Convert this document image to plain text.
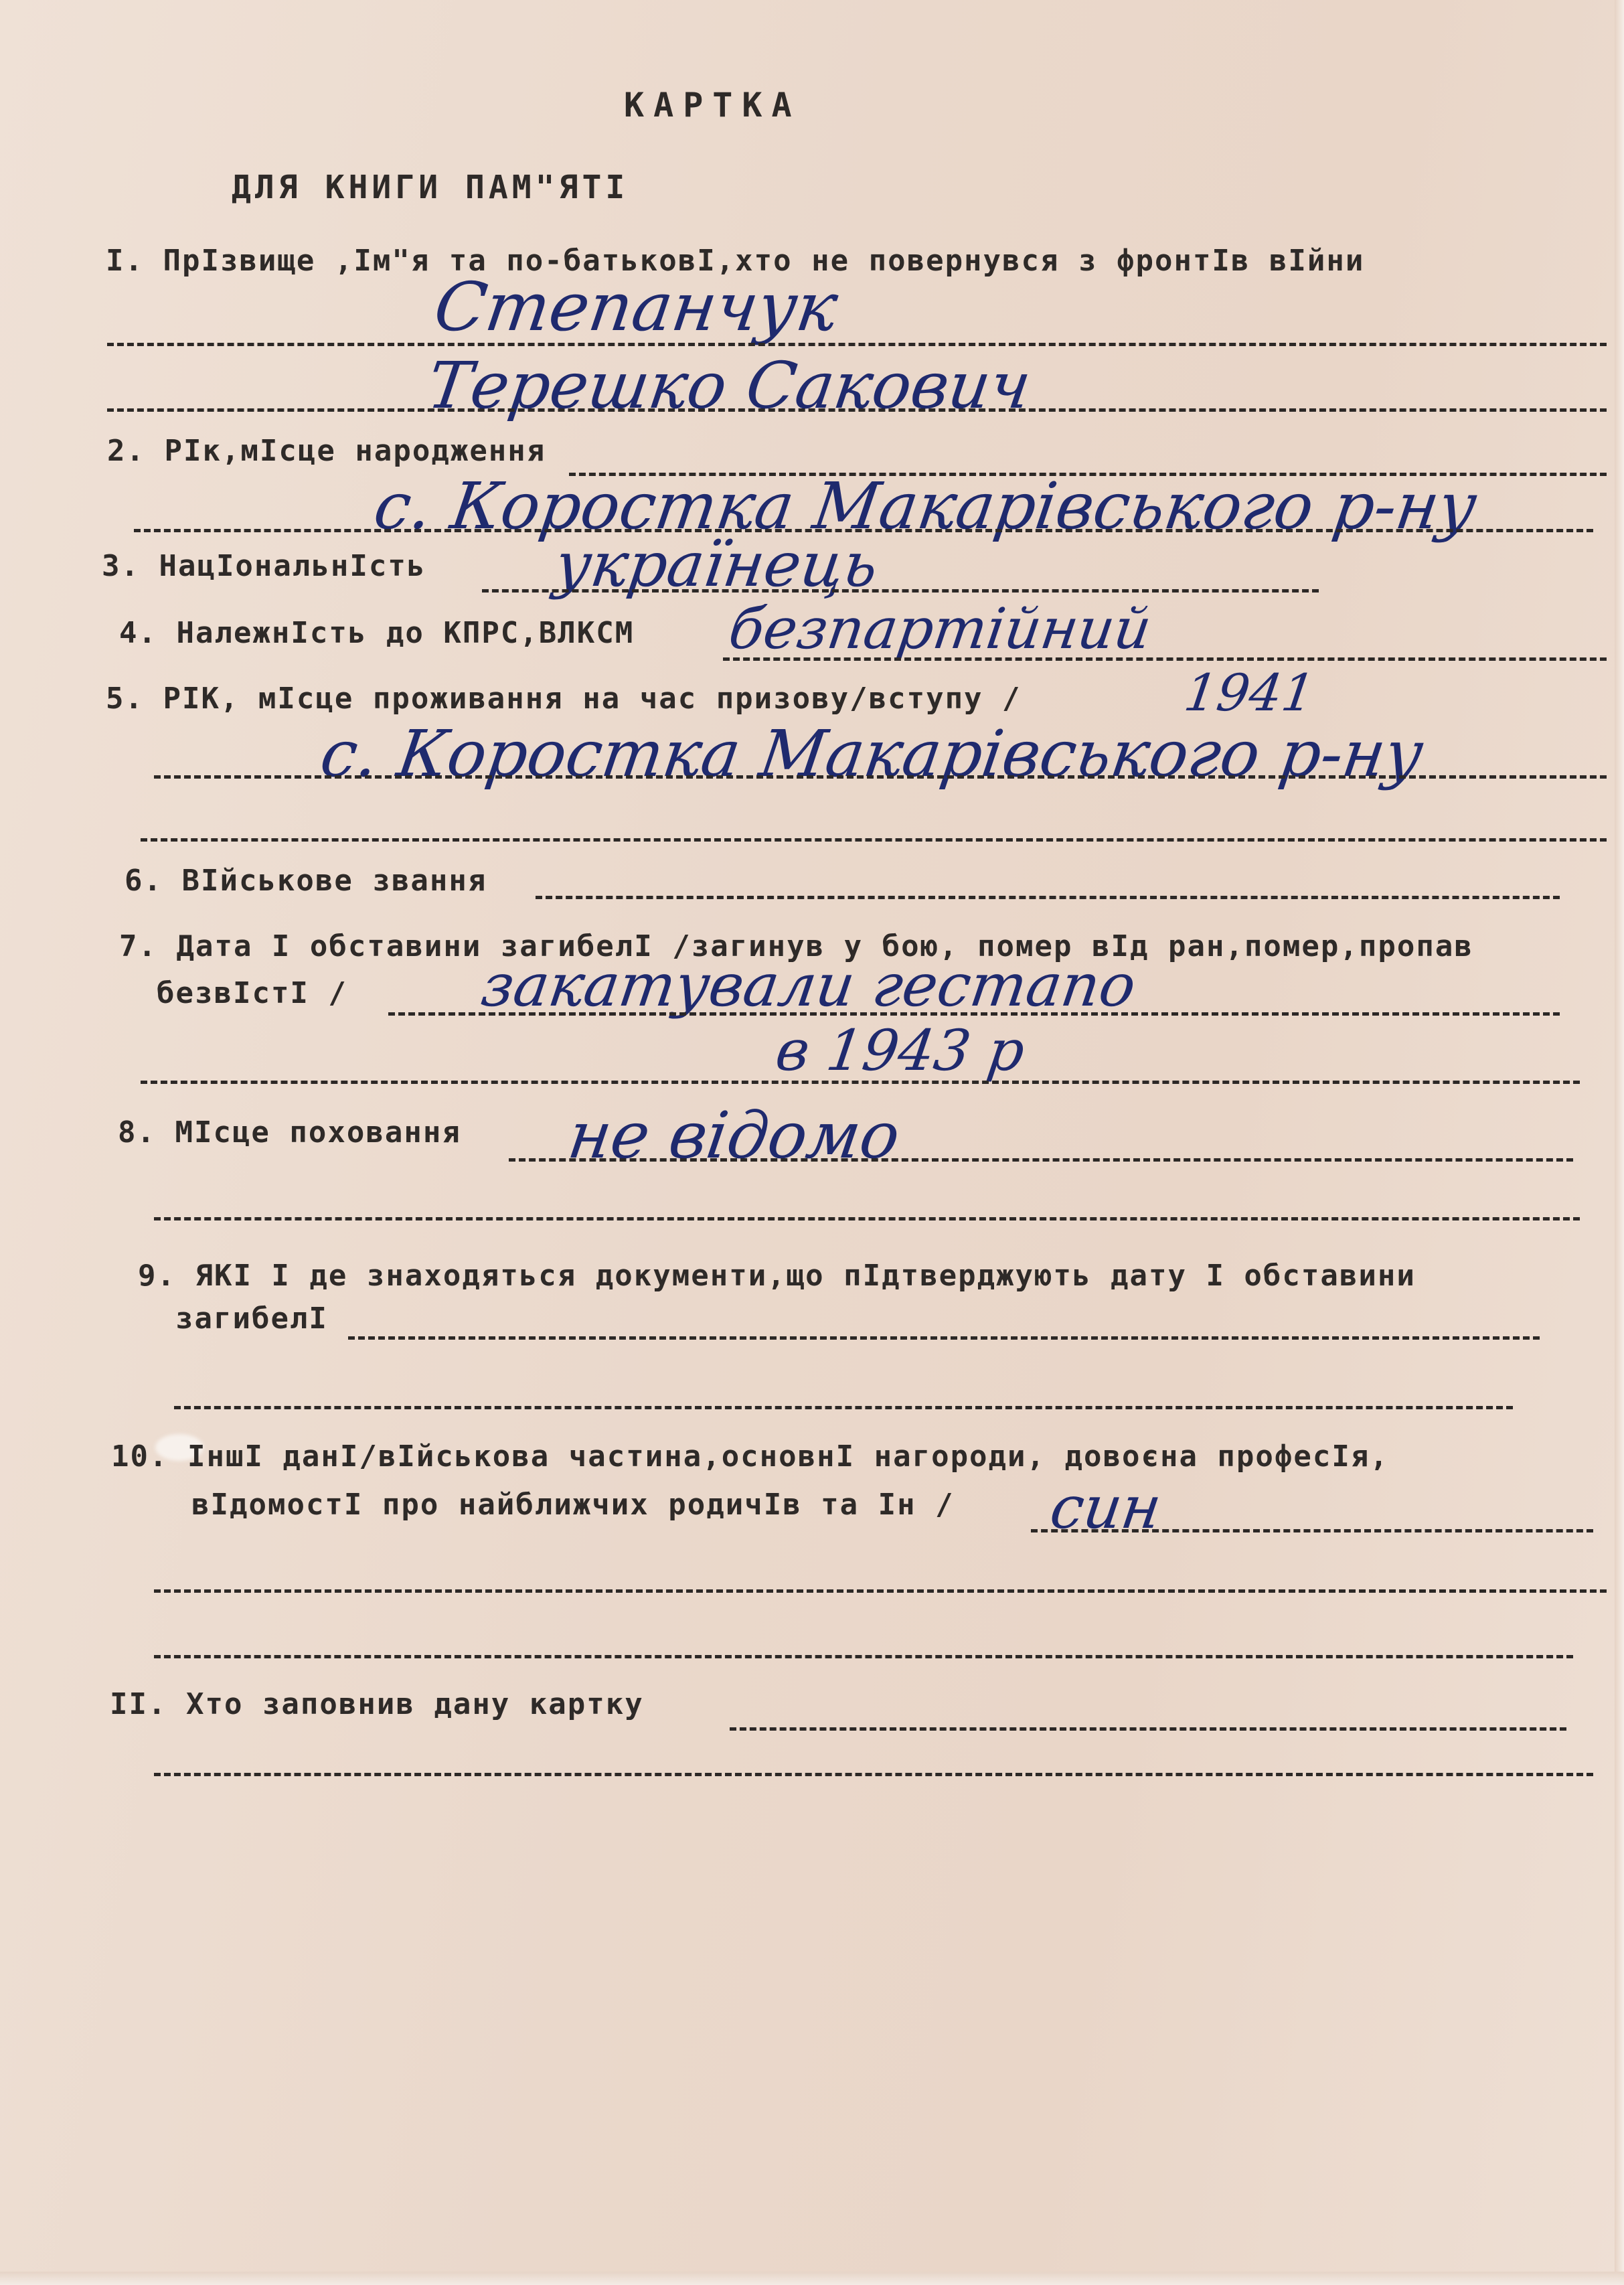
КАРТКА
ДЛЯ КНИГИ ПАМ"ЯТІ
І. ПрІзвище ,Ім"я та по-батьковІ,хто не повернувся з фронтІв вІйни
Степанчук
Терешко Сакович
2. РІк,мІсце народження
с. Коростка Макарівського р-ну
3. НацІональнІсть українець
4. НалежнІсть до КПРС,ВЛКСМ безпартійний
5. РІК, мІсце проживання на час призову/вступу /	1941
с. Коростка Макарівського р-ну
6. ВІйськове звання
7. Дата І обставини загибелІ /загинув у бою, помер вІд ран,помер,пропав
безвІстІ / закатували гестапо
в 1943 р
8. МІсце поховання не відомо
9. ЯКІ І де знаходяться документи,що пІдтверджують дату І обставини
загибелІ
10. ІншІ данІ/вІйськова частина,основнІ нагороди, довоєна професІя,
вІдомостІ про найближчих родичІв та Ін / син
ІІ. Хто заповнив дану картку
